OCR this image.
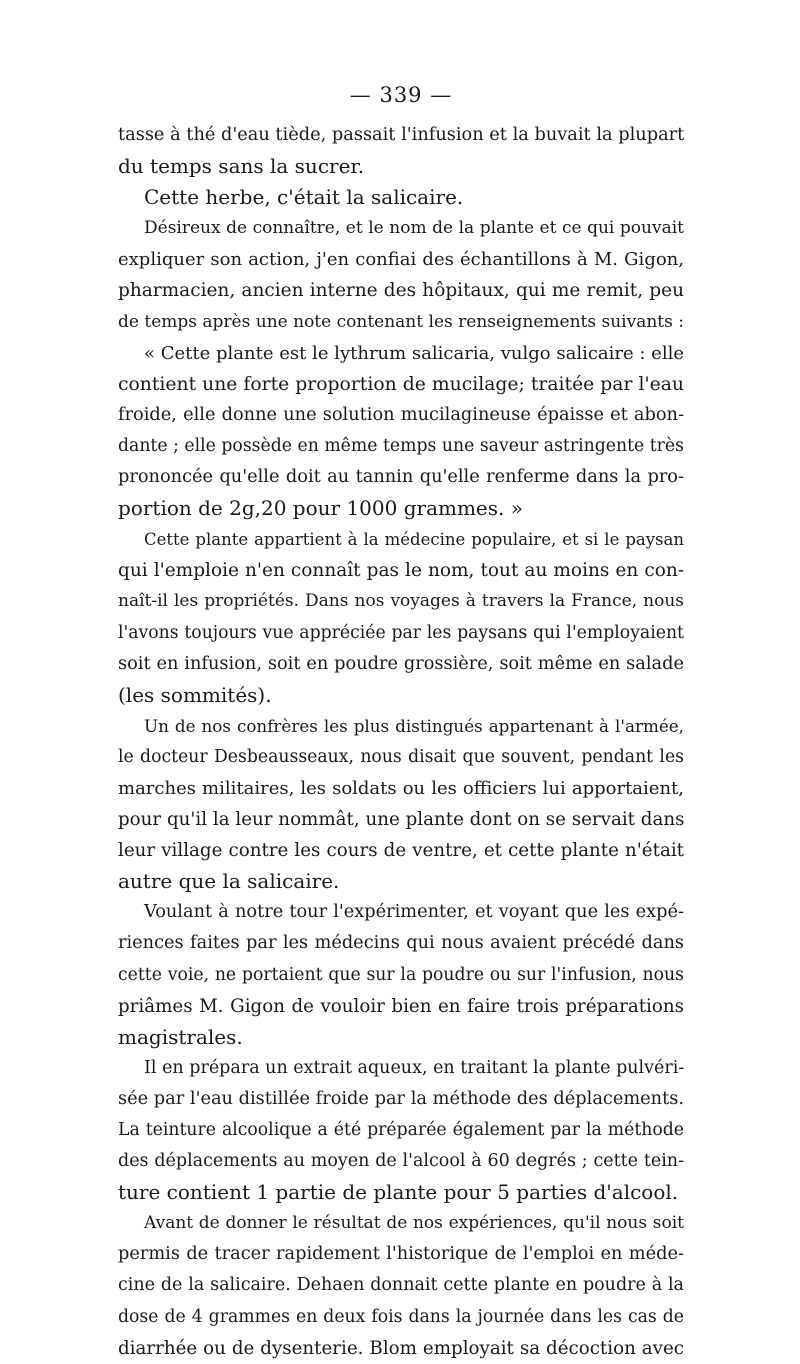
— 339 —
tasse à thé d'eau tiède, passait l'infusion et la buvait la plupart
du temps sans la sucrer.
Cette herbe, c'était la salicaire.
Désireux de connaître, et le nom de la plante et ce qui pouvait
expliquer son action, j'en confiai des échantillons à M. Gigon,
pharmacien, ancien interne des hôpitaux, qui me remit, peu
de temps après une note contenant les renseignements suivants :
« Cette plante est le lythrum salicaria, vulgo salicaire : elle
contient une forte proportion de mucilage; traitée par l'eau
froide, elle donne une solution mucilagineuse épaisse et abon-
dante ; elle possède en même temps une saveur astringente très
prononcée qu'elle doit au tannin qu'elle renferme dans la pro-
portion de 2g,20 pour 1000 grammes. »
Cette plante appartient à la médecine populaire, et si le paysan
qui l'emploie n'en connaît pas le nom, tout au moins en con-
naît-il les propriétés. Dans nos voyages à travers la France, nous
l'avons toujours vue appréciée par les paysans qui l'employaient
soit en infusion, soit en poudre grossière, soit même en salade
(les sommités).
Un de nos confrères les plus distingués appartenant à l'armée,
le docteur Desbeausseaux, nous disait que souvent, pendant les
marches militaires, les soldats ou les officiers lui apportaient,
pour qu'il la leur nommât, une plante dont on se servait dans
leur village contre les cours de ventre, et cette plante n'était
autre que la salicaire.
Voulant à notre tour l'expérimenter, et voyant que les expé-
riences faites par les médecins qui nous avaient précédé dans
cette voie, ne portaient que sur la poudre ou sur l'infusion, nous
priâmes M. Gigon de vouloir bien en faire trois préparations
magistrales.
Il en prépara un extrait aqueux, en traitant la plante pulvéri-
sée par l'eau distillée froide par la méthode des déplacements.
La teinture alcoolique a été préparée également par la méthode
des déplacements au moyen de l'alcool à 60 degrés ; cette tein-
ture contient 1 partie de plante pour 5 parties d'alcool.
Avant de donner le résultat de nos expériences, qu'il nous soit
permis de tracer rapidement l'historique de l'emploi en méde-
cine de la salicaire. Dehaen donnait cette plante en poudre à la
dose de 4 grammes en deux fois dans la journée dans les cas de
diarrhée ou de dysenterie. Blom employait sa décoction avec
